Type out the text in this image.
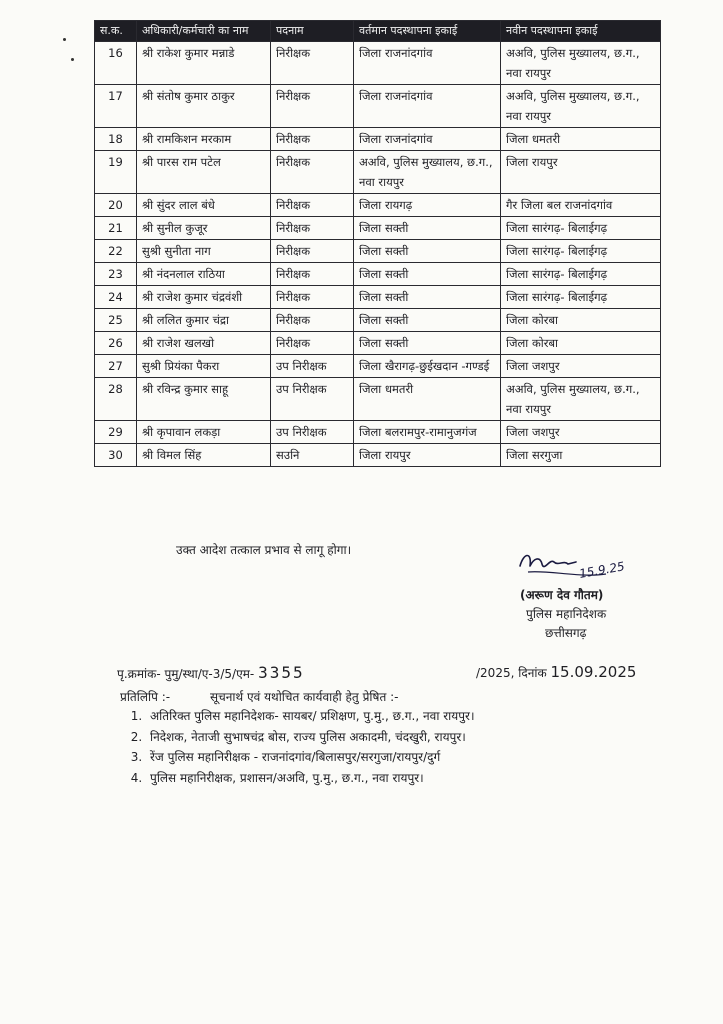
स.क.	अधिकारी/कर्मचारी का नाम	पदनाम	वर्तमान पदस्थापना इकाई	नवीन पदस्थापना इकाई
16	श्री राकेश कुमार मन्नाडे	निरीक्षक	जिला राजनांदगांव	अअवि, पुलिस मुख्यालय, छ.ग., नवा रायपुर
17	श्री संतोष कुमार ठाकुर	निरीक्षक	जिला राजनांदगांव	अअवि, पुलिस मुख्यालय, छ.ग., नवा रायपुर
18	श्री रामकिशन मरकाम	निरीक्षक	जिला राजनांदगांव	जिला धमतरी
19	श्री पारस राम पटेल	निरीक्षक	अअवि, पुलिस मुख्यालय, छ.ग., नवा रायपुर	जिला रायपुर
20	श्री सुंदर लाल बंधे	निरीक्षक	जिला रायगढ़	गैर जिला बल राजनांदगांव
21	श्री सुनील कुजूर	निरीक्षक	जिला सक्ती	जिला सारंगढ़- बिलाईगढ़
22	सुश्री सुनीता नाग	निरीक्षक	जिला सक्ती	जिला सारंगढ़- बिलाईगढ़
23	श्री नंदनलाल राठिया	निरीक्षक	जिला सक्ती	जिला सारंगढ़- बिलाईगढ़
24	श्री राजेश कुमार चंद्रवंशी	निरीक्षक	जिला सक्ती	जिला सारंगढ़- बिलाईगढ़
25	श्री ललित कुमार चंद्रा	निरीक्षक	जिला सक्ती	जिला कोरबा
26	श्री राजेश खलखो	निरीक्षक	जिला सक्ती	जिला कोरबा
27	सुश्री प्रियंका पैकरा	उप निरीक्षक	जिला खैरागढ़-छुईखदान -गण्डई	जिला जशपुर
28	श्री रविन्द्र कुमार साहू	उप निरीक्षक	जिला धमतरी	अअवि, पुलिस मुख्यालय, छ.ग., नवा रायपुर
29	श्री कृपावान लकड़ा	उप निरीक्षक	जिला बलरामपुर-रामानुजगंज	जिला जशपुर
30	श्री विमल सिंह	सउनि	जिला रायपुर	जिला सरगुजा
उक्त आदेश तत्काल प्रभाव से लागू होगा।
15.9.25
(अरूण देव गौतम)
पुलिस महानिदेशक
छत्तीसगढ़
पृ.क्रमांक- पुमु/स्था/ए-3/5/एम- 3355	/2025, दिनांक 15.09.2025
प्रतिलिपि :-	सूचनार्थ एवं यथोचित कार्यवाही हेतु प्रेषित :-
1. अतिरिक्त पुलिस महानिदेशक- सायबर/ प्रशिक्षण, पु.मु., छ.ग., नवा रायपुर।
2. निदेशक, नेताजी सुभाषचंद्र बोस, राज्य पुलिस अकादमी, चंदखुरी, रायपुर।
3. रेंज पुलिस महानिरीक्षक - राजनांदगांव/बिलासपुर/सरगुजा/रायपुर/दुर्ग
4. पुलिस महानिरीक्षक, प्रशासन/अअवि, पु.मु., छ.ग., नवा रायपुर।
